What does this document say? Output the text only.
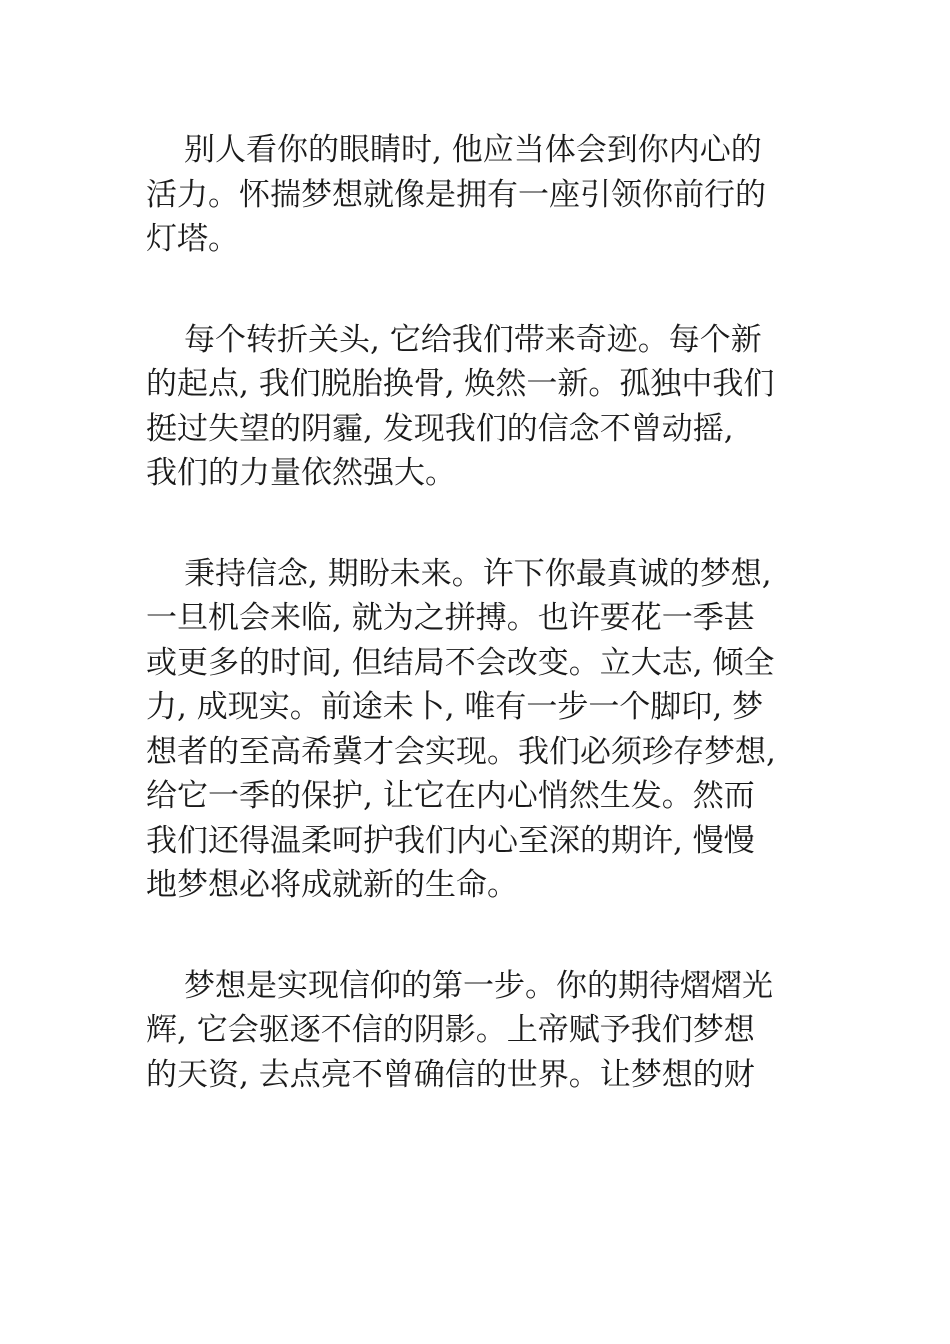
别人看你的眼睛时, 他应当体会到你内心的
活力。怀揣梦想就像是拥有一座引领你前行的
灯塔。

每个转折关头, 它给我们带来奇迹。每个新
的起点, 我们脱胎换骨, 焕然一新。孤独中我们
挺过失望的阴霾, 发现我们的信念不曾动摇,
我们的力量依然强大。

秉持信念, 期盼未来。许下你最真诚的梦想,
一旦机会来临, 就为之拼搏。也许要花一季甚
或更多的时间, 但结局不会改变。立大志, 倾全
力, 成现实。前途未卜, 唯有一步一个脚印, 梦
想者的至高希冀才会实现。我们必须珍存梦想,
给它一季的保护, 让它在内心悄然生发。然而
我们还得温柔呵护我们内心至深的期许, 慢慢
地梦想必将成就新的生命。

梦想是实现信仰的第一步。你的期待熠熠光
辉, 它会驱逐不信的阴影。上帝赋予我们梦想
的天资, 去点亮不曾确信的世界。让梦想的财
